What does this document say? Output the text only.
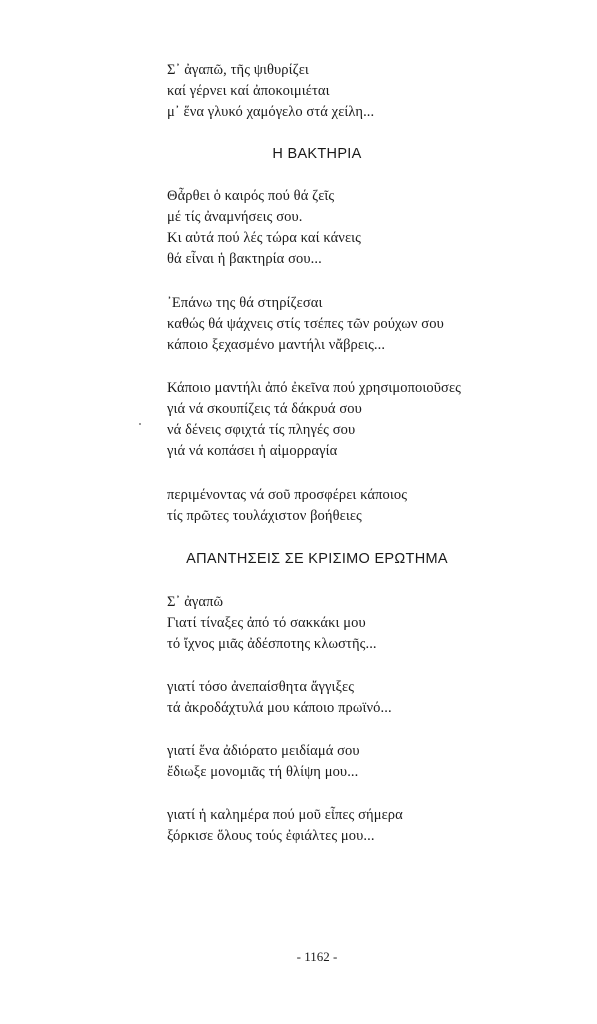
Σ᾽ ἀγαπῶ, τῆς ψιθυρίζει
καί γέρνει καί ἀποκοιμιέται
μ᾽ ἕνα γλυκό χαμόγελο στά χείλη...
Η ΒΑΚΤΗΡΙΑ
Θἆρθει ὁ καιρός πού θά ζεῖς
μέ τίς ἀναμνήσεις σου.
Κι αὐτά πού λές τώρα καί κάνεις
θά εἶναι ἡ βακτηρία σου...
᾽Επάνω της θά στηρίζεσαι
καθώς θά ψάχνεις στίς τσέπες τῶν ρούχων σου
κάποιο ξεχασμένο μαντήλι νἄβρεις...
Κάποιο μαντήλι ἀπό ἐκεῖνα πού χρησιμοποιοῦσες
γιά νά σκουπίζεις τά δάκρυά σου
νά δένεις σφιχτά τίς πληγές σου
γιά νά κοπάσει ἡ αἱμορραγία
περιμένοντας νά σοῦ προσφέρει κάποιος
τίς πρῶτες τουλάχιστον βοήθειες
ΑΠΑΝΤΗΣΕΙΣ ΣΕ ΚΡΙΣΙΜΟ ΕΡΩΤΗΜΑ
Σ᾽ ἀγαπῶ
Γιατί τίναξες ἀπό τό σακκάκι μου
τό ἴχνος μιᾶς ἀδέσποτης κλωστῆς...
γιατί τόσο ἀνεπαίσθητα ἄγγιξες
τά ἀκροδάχτυλά μου κάποιο πρωϊνό...
γιατί ἕνα ἀδιόρατο μειδίαμά σου
ἔδιωξε μονομιᾶς τή θλίψη μου...
γιατί ἡ καλημέρα πού μοῦ εἶπες σήμερα
ξόρκισε ὅλους τούς ἐφιάλτες μου...
- 1162 -
